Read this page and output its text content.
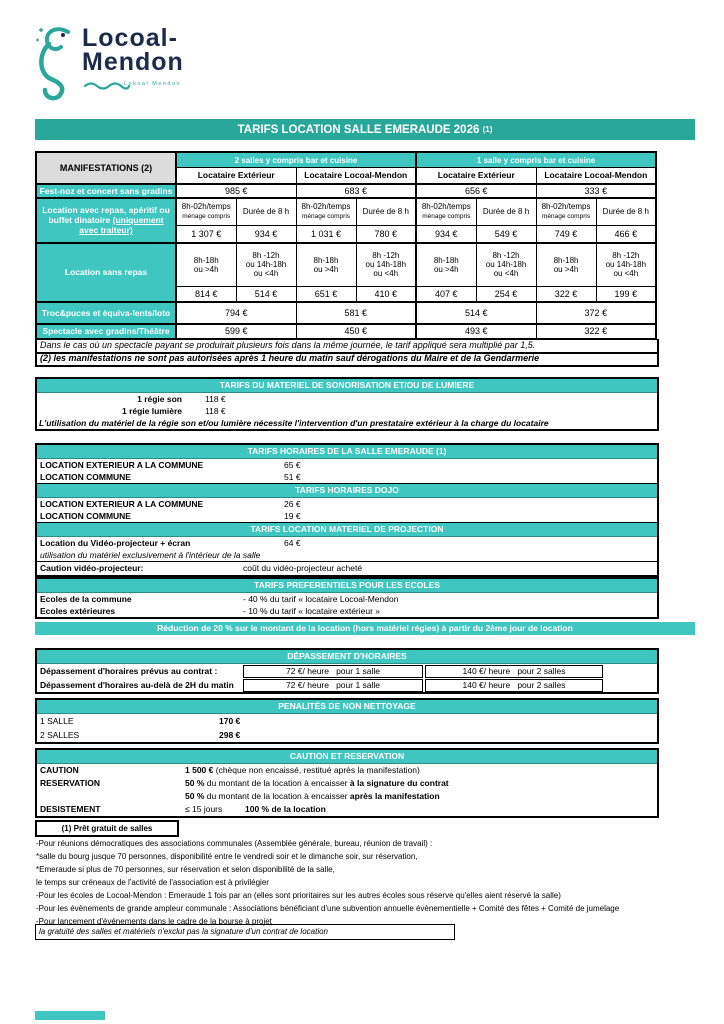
Locoal-
Mendon
Lokoal Mendon
TARIFS LOCATION SALLE EMERAUDE 2026 (1)
MANIFESTATIONS (2)	2 salles y compris bar et cuisine				1 salle y compris bar et cuisine			
	Locataire Extérieur		Locataire Locoal-Mendon		Locataire Extérieur		Locataire Locoal-Mendon	
Fest-noz et concert sans gradins	985 €		683 €		656 €		333 €	
Location avec repas, apéritif ou buffet dinatoire (uniquement avec traiteur)	8h-02h/temps
ménage compris	Durée de 8 h	8h-02h/temps
ménage compris	Durée de 8 h	8h-02h/temps
ménage compris	Durée de 8 h	8h-02h/temps
ménage compris	Durée de 8 h
	1 307 €	934 €	1 031 €	780 €	934 €	549 €	749 €	466 €
Location sans repas	8h-18h
ou >4h	8h -12h
ou 14h-18h
ou <4h	8h-18h
ou >4h	8h -12h
ou 14h-18h
ou <4h	8h-18h
ou >4h	8h -12h
ou 14h-18h
ou <4h	8h-18h
ou >4h	8h -12h
ou 14h-18h
ou <4h
	814 €	514 €	651 €	410 €	407 €	254 €	322 €	199 €
Troc&puces et équiva-lents/loto	794 €		581 €		514 €		372 €	
Spectacle avec gradins/Théâtre	599 €		450 €		493 €		322 €	
Dans le cas où un spectacle payant se produirait plusieurs fois dans la même journée, le tarif appliqué sera multiplié par 1,5.
(2) les manifestations ne sont pas autorisées après 1 heure du matin sauf dérogations du Maire et de la Gendarmerie
TARIFS DU MATERIEL DE SONORISATION ET/OU DE LUMIERE
1 régie son	118 €
1 régie lumière	118 €
L'utilisation du matériel de la régie son et/ou lumière nécessite l'intervention d'un prestataire extérieur à la charge du locataire
TARIFS HORAIRES DE LA SALLE EMERAUDE (1)
LOCATION EXTERIEUR A LA COMMUNE	65 €
LOCATION COMMUNE	51 €
TARIFS HORAIRES DOJO
LOCATION EXTERIEUR A LA COMMUNE	26 €
LOCATION COMMUNE	19 €
TARIFS LOCATION MATERIEL DE PROJECTION
Location du Vidéo-projecteur + écran	64 €
utilisation du matériel exclusivement à l'intérieur de la salle
Caution vidéo-projecteur:	coût du vidéo-projecteur acheté
TARIFS PREFERENTIELS POUR LES ECOLES
Ecoles de la commune	- 40 % du tarif « locataire Locoal-Mendon
Ecoles extérieures	- 10 % du tarif « locataire extérieur »
Réduction de 20 % sur le montant de la location (hors matériel régies) à partir du 2ème jour de location
DÉPASSEMENT D'HORAIRES
Dépassement d'horaires prévus au contrat :	72 €/ heure pour 1 salle	140 €/ heure pour 2 salles
Dépassement d'horaires au-delà de 2H du matin	72 €/ heure pour 1 salle	140 €/ heure pour 2 salles
PENALITÉS DE NON NETTOYAGE
1 SALLE	170 €
2 SALLES	298 €
CAUTION ET RESERVATION
CAUTION	1 500 € (chèque non encaissé, restitué après la manifestation)
RESERVATION	50 % du montant de la location à encaisser à la signature du contrat
50 % du montant de la location à encaisser après la manifestation
DESISTEMENT	≤ 15 jours	100 % de la location
(1) Prêt gratuit de salles
-Pour réunions démocratiques des associations communales (Assemblée générale, bureau, réunion de travail) :
*salle du bourg jusque 70 personnes, disponibilité entre le vendredi soir et le dimanche soir, sur réservation,
*Emeraude si plus de 70 personnes, sur réservation et selon disponibilité de la salle,
le temps sur créneaux de l'activité de l'association est à privilégier
-Pour les écoles de Locoal-Mendon : Emeraude 1 fois par an (elles sont prioritaires sur les autres écoles sous réserve qu'elles aient réservé la salle)
-Pour les évènements de grande ampleur communale : Associations bénéficiant d'une subvention annuelle évènementielle + Comité des fêtes + Comité de jumelage
-Pour lancement d'événements dans le cadre de la bourse à projet
la gratuité des salles et matériels n'exclut pas la signature d'un contrat de location
